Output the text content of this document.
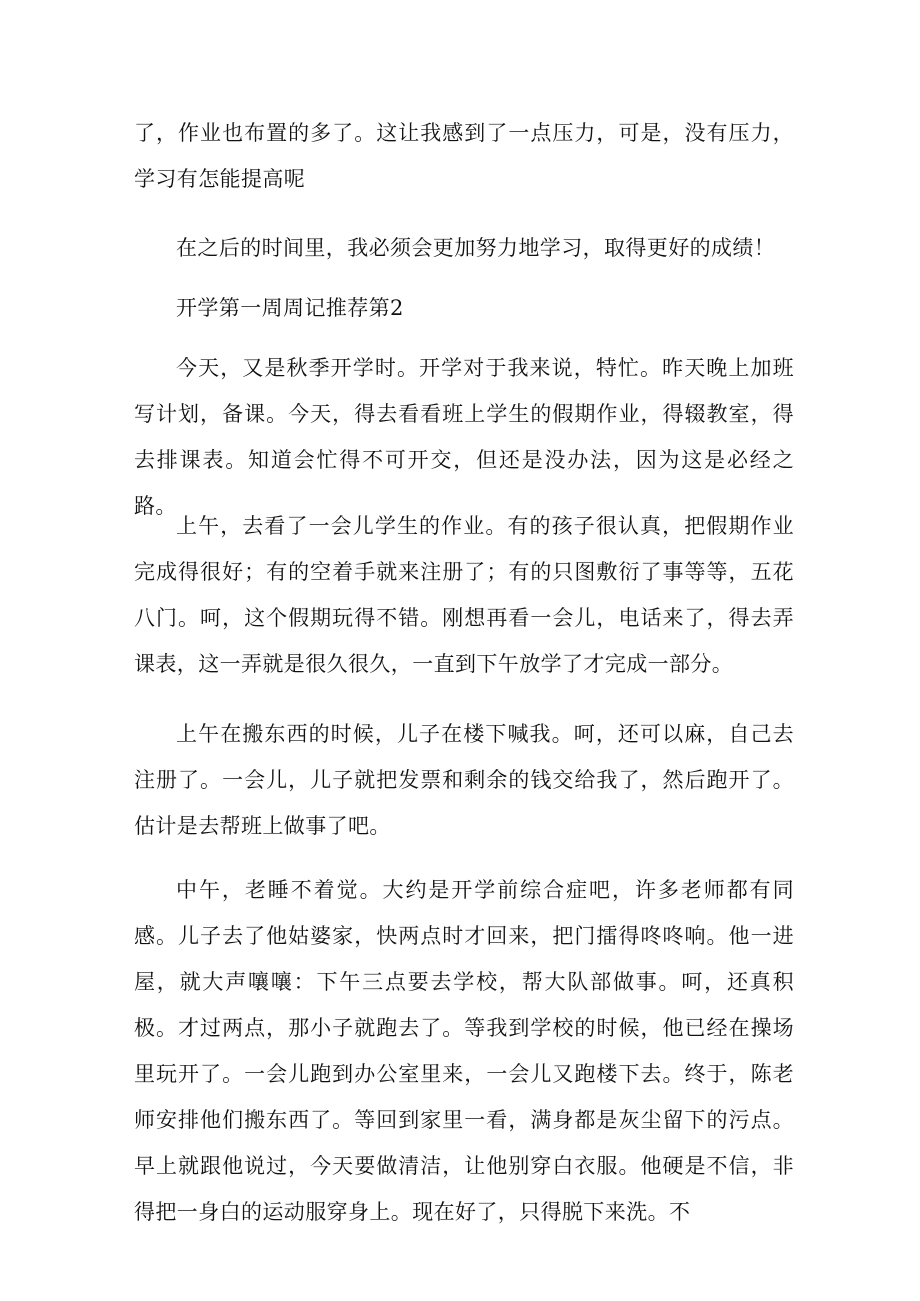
了，作业也布置的多了。这让我感到了一点压力，可是，没有压力，学习有怎能提高呢

在之后的时间里，我必须会更加努力地学习，取得更好的成绩！

开学第一周周记推荐第2

今天，又是秋季开学时。开学对于我来说，特忙。昨天晚上加班写计划，备课。今天，得去看看班上学生的假期作业，得辍教室，得去排课表。知道会忙得不可开交，但还是没办法，因为这是必经之路。

上午，去看了一会儿学生的作业。有的孩子很认真，把假期作业完成得很好；有的空着手就来注册了；有的只图敷衍了事等等，五花八门。呵，这个假期玩得不错。刚想再看一会儿，电话来了，得去弄课表，这一弄就是很久很久，一直到下午放学了才完成一部分。

上午在搬东西的时候，儿子在楼下喊我。呵，还可以麻，自己去注册了。一会儿，儿子就把发票和剩余的钱交给我了，然后跑开了。估计是去帮班上做事了吧。

中午，老睡不着觉。大约是开学前综合症吧，许多老师都有同感。儿子去了他姑婆家，快两点时才回来，把门擂得咚咚响。他一进屋，就大声嚷嚷：下午三点要去学校，帮大队部做事。呵，还真积极。才过两点，那小子就跑去了。等我到学校的时候，他已经在操场里玩开了。一会儿跑到办公室里来，一会儿又跑楼下去。终于，陈老师安排他们搬东西了。等回到家里一看，满身都是灰尘留下的污点。早上就跟他说过，今天要做清洁，让他别穿白衣服。他硬是不信，非得把一身白的运动服穿身上。现在好了，只得脱下来洗。不
